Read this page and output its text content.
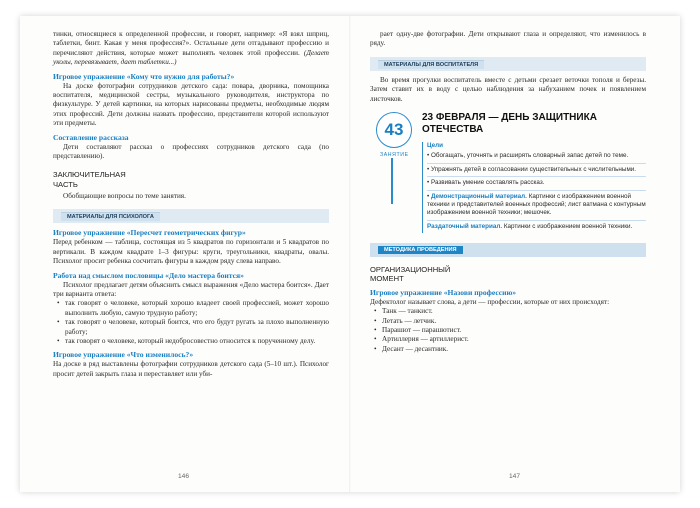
тинки, относящиеся к определенной профессии, и говорят, например: «Я взял шприц, таблетки, бинт. Какая у меня профессия?». Остальные дети отгадывают профессию и перечисляют действия, которые может выполнять человек этой профессии. (Делает уколы, перевязывает, дает таблетки...)

Игровое упражнение «Кому что нужно для работы?»

На доске фотографии сотрудников детского сада: повара, дворника, помощника воспитателя, медицинской сестры, музыкального руководителя, инструктора по физкультуре. У детей картинки, на которых нарисованы предметы, необходимые людям этих профессий. Дети должны назвать профессию, представители которой используют эти предметы.

Составление рассказа

Дети составляют рассказ о профессиях сотрудников детского сада (по представлению).

ЗАКЛЮЧИТЕЛЬНАЯ
ЧАСТЬ

Обобщающие вопросы по теме занятия.

МАТЕРИАЛЫ ДЛЯ ПСИХОЛОГА
Игровое упражнение «Пересчет геометрических фигур»

Перед ребенком — таблица, состоящая из 5 квадратов по горизонтали и 5 квадратов по вертикали. В каждом квадрате 1–3 фигуры: круги, треугольники, квадраты, овалы. Психолог просит ребенка сосчитать фигуры в каждом ряду слева направо.

Работа над смыслом пословицы «Дело мастера боится»

Психолог предлагает детям объяснить смысл выражения «Дело мастера боится». Дает три варианта ответа:

• так говорят о человеке, который хорошо владеет своей профессией, может хорошо выполнить любую, самую трудную работу;
• так говорят о человеке, который боится, что его будут ругать за плохо выполненную работу;
• так говорят о человеке, который недобросовестно относится к порученному делу.
Игровое упражнение «Что изменилось?»

На доске в ряд выставлены фотографии сотрудников детского сада (5–10 шт.). Психолог просит детей закрыть глаза и переставляет или уби-

146

рает одну-две фотографии. Дети открывают глаза и определяют, что изменилось в ряду.

МАТЕРИАЛЫ ДЛЯ ВОСПИТАТЕЛЯ

Во время прогулки воспитатель вместе с детьми срезает веточки тополя и березы. Затем ставит их в воду с целью наблюдения за набуханием почек и появлением листочков.

43
ЗАНЯТИЕ
23 ФЕВРАЛЯ — ДЕНЬ ЗАЩИТНИКА ОТЕЧЕСТВА
Цели
• Обогащать, уточнять и расширять словарный запас детей по теме.
• Упражнять детей в согласовании существительных с числительными.
• Развивать умение составлять рассказ.
• Демонстрационный материал. Картинки с изображением военной техники и представителей военных профессий; лист ватмана с контурным изображением военной техники; мешочек.
Раздаточный материал. Картинки с изображением военной техники.
МЕТОДИКА ПРОВЕДЕНИЯ
ОРГАНИЗАЦИОННЫЙ
МОМЕНТ
Игровое упражнение «Назови профессию»

Дефектолог называет слова, а дети — профессии, которые от них происходят:

• Танк — танкист.
• Летать — летчик.
• Парашют — парашютист.
• Артиллерия — артиллерист.
• Десант — десантник.
147
